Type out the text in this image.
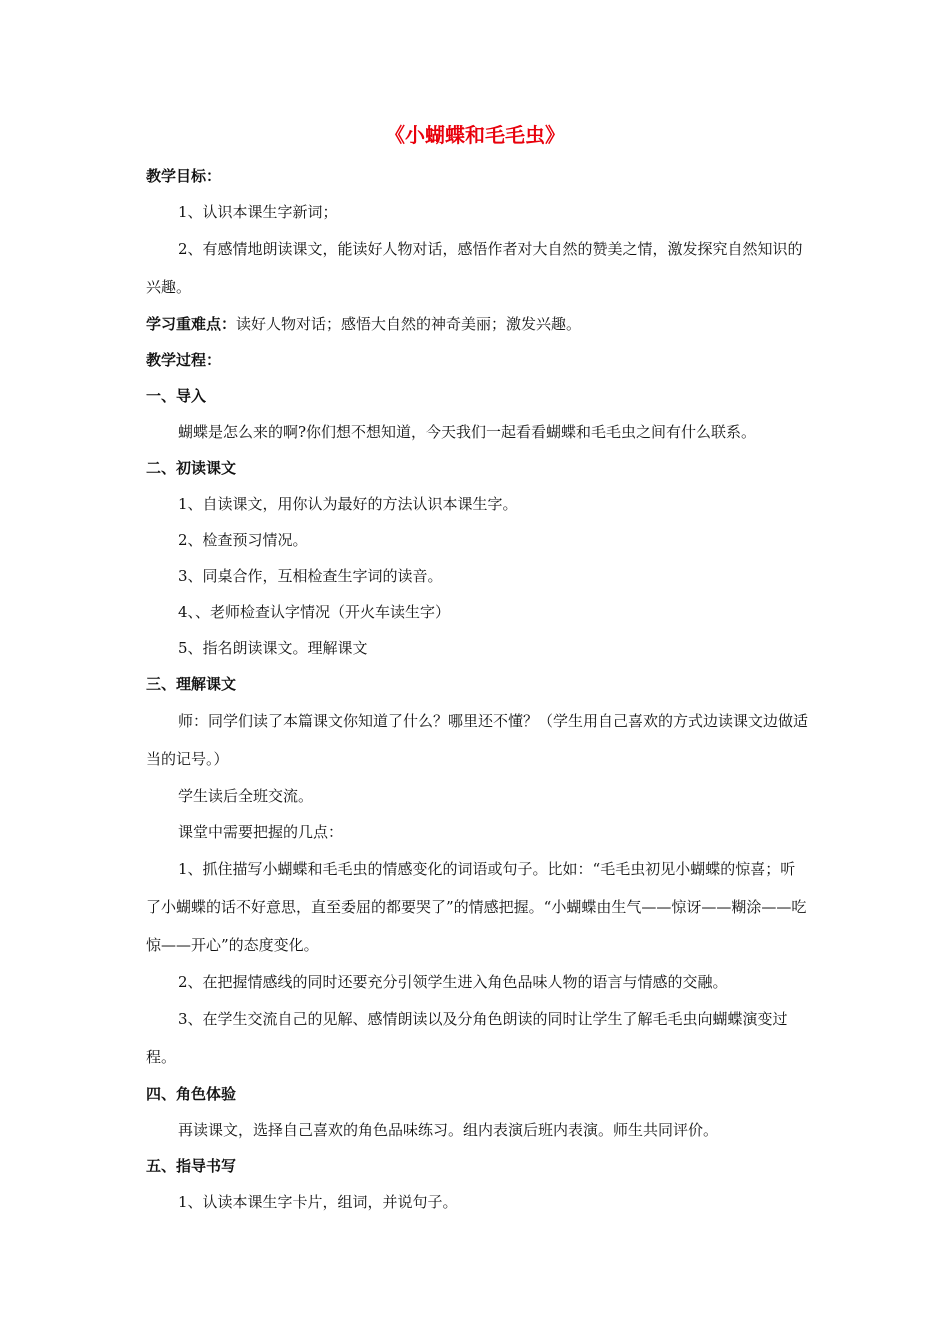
《小蝴蝶和毛毛虫》

教学目标：

1、认识本课生字新词；

2、有感情地朗读课文，能读好人物对话，感悟作者对大自然的赞美之情，激发探究自然知识的兴趣。

学习重难点：读好人物对话；感悟大自然的神奇美丽；激发兴趣。

教学过程：

一、导入

蝴蝶是怎么来的啊?你们想不想知道，今天我们一起看看蝴蝶和毛毛虫之间有什么联系。

二、初读课文

1、自读课文，用你认为最好的方法认识本课生字。

2、检查预习情况。

3、同桌合作，互相检查生字词的读音。

4、、老师检查认字情况（开火车读生字）

5、指名朗读课文。理解课文

三、理解课文

师：同学们读了本篇课文你知道了什么？哪里还不懂？（学生用自己喜欢的方式边读课文边做适当的记号。）

学生读后全班交流。

课堂中需要把握的几点：

1、抓住描写小蝴蝶和毛毛虫的情感变化的词语或句子。比如：“毛毛虫初见小蝴蝶的惊喜；听了小蝴蝶的话不好意思，直至委屈的都要哭了”的情感把握。“小蝴蝶由生气——惊讶——糊涂——吃惊——开心”的态度变化。

2、在把握情感线的同时还要充分引领学生进入角色品味人物的语言与情感的交融。

3、在学生交流自己的见解、感情朗读以及分角色朗读的同时让学生了解毛毛虫向蝴蝶演变过程。

四、角色体验

再读课文，选择自己喜欢的角色品味练习。组内表演后班内表演。师生共同评价。

五、指导书写

1、认读本课生字卡片，组词，并说句子。
